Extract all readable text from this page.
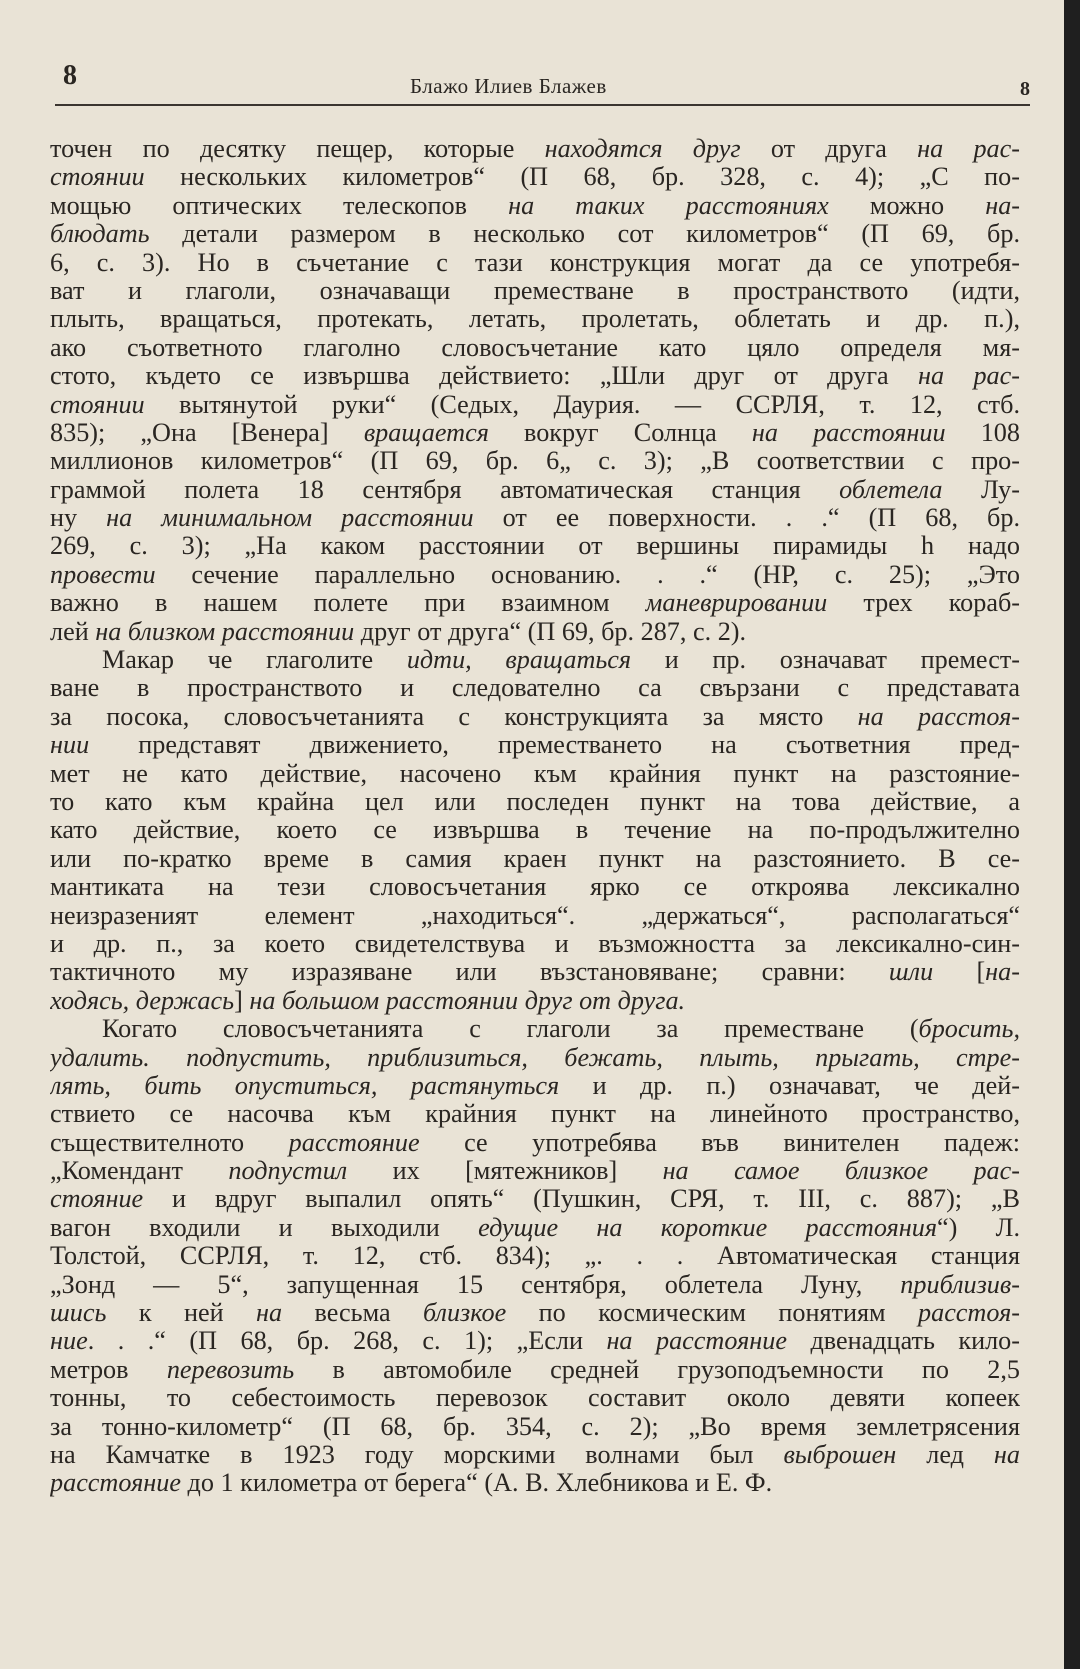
8	Блажо Илиев Блажев	8
точен по десятку пещер, которые находятся друг от друга на рас-
стоянии нескольких километров“ (П 68, бр. 328, с. 4); „С по-
мощью оптических телескопов на таких расстояниях можно на-
блюдать детали размером в несколько сот километров“ (П 69, бр.
6, с. 3). Но в съчетание с тази конструкция могат да се употребя-
ват и глаголи, означаващи преместване в пространството (идти,
плыть, вращаться, протекать, летать, пролетать, облетать и др. п.),
ако съответното глаголно словосъчетание като цяло определя мя-
стото, където се извършва действието: „Шли друг от друга на рас-
стоянии вытянутой руки“ (Седых, Даурия. — ССРЛЯ, т. 12, стб.
835); „Она [Венера] вращается вокруг Солнца на расстоянии 108
миллионов километров“ (П 69, бр. 6„ с. 3); „В соответствии с про-
граммой полета 18 сентября автоматическая станция облетела Лу-
ну на минимальном расстоянии от ее поверхности. . .“ (П 68, бр.
269, с. 3); „На каком расстоянии от вершины пирамиды h надо
провести сечение параллельно основанию. . .“ (НР, с. 25); „Это
важно в нашем полете при взаимном маневрировании трех кораб-
лей на близком расстоянии друг от друга“ (П 69, бр. 287, с. 2).
Макар че глаголите идти, вращаться и пр. означават премест-
ване в пространството и следователно са свързани с представата
за посока, словосъчетанията с конструкцията за място на расстоя-
нии представят движението, преместването на съответния пред-
мет не като действие, насочено към крайния пункт на разстояние-
то като към крайна цел или последен пункт на това действие, а
като действие, което се извършва в течение на по-продължително
или по-кратко време в самия краен пункт на разстоянието. В се-
мантиката на тези словосъчетания ярко се откроява лексикално
неизразеният елемент „находиться“. „держаться“, располагаться“
и др. п., за което свидетелствува и възможността за лексикално-син-
тактичното му изразяване или възстановяване; сравни: шли [на-
ходясь, держась] на большом расстоянии друг от друга.
Когато словосъчетанията с глаголи за преместване (бросить,
удалить. подпустить, приблизиться, бежать, плыть, прыгать, стре-
лять, бить опуститься, растянуться и др. п.) означават, че дей-
ствието се насочва към крайния пункт на линейното пространство,
съществителното расстояние се употребява във винителен падеж:
„Комендант подпустил их [мятежников] на самое близкое рас-
стояние и вдруг выпалил опять“ (Пушкин, СРЯ, т. III, с. 887); „В
вагон входили и выходили едущие на короткие расстояния“) Л.
Толстой, ССРЛЯ, т. 12, стб. 834); „. . . Автоматическая станция
„Зонд — 5“, запущенная 15 сентября, облетела Луну, приблизив-
шись к ней на весьма близкое по космическим понятиям расстоя-
ние. . .“ (П 68, бр. 268, с. 1); „Если на расстояние двенадцать кило-
метров перевозить в автомобиле средней грузоподъемности по 2,5
тонны, то себестоимость перевозок составит около девяти копеек
за тонно-километр“ (П 68, бр. 354, с. 2); „Во время землетрясения
на Камчатке в 1923 году морскими волнами был выброшен лед на
расстояние до 1 километра от берега“ (А. В. Хлебникова и Е. Ф.
